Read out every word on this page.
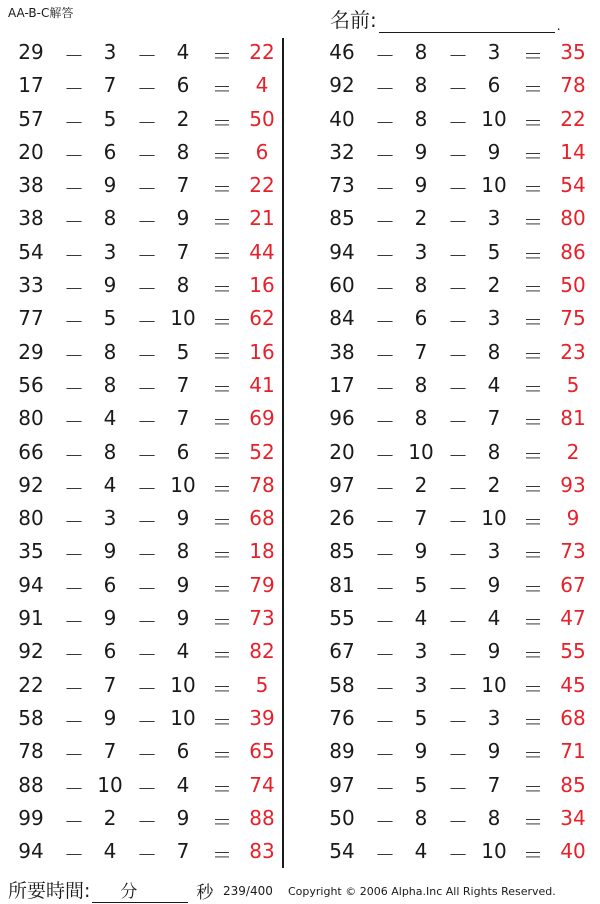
AA-B-C解答	名前:	.
29 － 3	－ 4	＝ 22
17 － 7	－ 6	＝	4
57 － 5	－ 2	＝ 50
20 － 6	－ 8	＝	6
38 － 9	－ 7	＝ 22
38 － 8	－ 9	＝ 21
54 － 3	－ 7	＝ 44
33 － 9	－ 8	＝ 16
77 － 5	－ 10 ＝ 62
29 － 8	－ 5	＝ 16
56 － 8	－ 7	＝ 41
80 － 4	－ 7	＝ 69
66 － 8	－ 6	＝ 52
92 － 4	－ 10 ＝ 78
80 － 3	－ 9	＝ 68
35 － 9	－ 8	＝ 18
94 － 6	－ 9	＝ 79
91 － 9	－ 9	＝ 73
92 － 6	－ 4	＝ 82
22 － 7	－ 10 ＝	5
58 － 9	－ 10 ＝ 39
78 － 7	－ 6	＝ 65
88 － 10 － 4	＝ 74
99 － 2	－ 9	＝ 88
94 － 4	－ 7	＝ 83
46 － 8	－ 3	＝ 35
92 － 8	－ 6	＝ 78
40 － 8	－ 10 ＝ 22
32 － 9	－ 9	＝ 14
73 － 9	－ 10 ＝ 54
85 － 2	－ 3	＝ 80
94 － 3	－ 5	＝ 86
60 － 8	－ 2	＝ 50
84 － 6	－ 3	＝ 75
38 － 7	－ 8	＝ 23
17 － 8	－ 4	＝	5
96 － 8	－ 7	＝ 81
20 － 10 － 8	＝	2
97 － 2	－ 2	＝ 93
26 － 7	－ 10 ＝	9
85 － 9	－ 3	＝ 73
81 － 5	－ 9	＝ 67
55 － 4	－ 4	＝ 47
67 － 3	－ 9	＝ 55
58 － 3	－ 10 ＝ 45
76 － 5	－ 3	＝ 68
89 － 9	－ 9	＝ 71
97 － 5	－ 7	＝ 85
50 － 8	－ 8	＝ 34
54 － 4	－ 10 ＝ 40
所要時間: 分	秒 239/400 Copyright © 2006 Alpha.Inc All Rights Reserved.
